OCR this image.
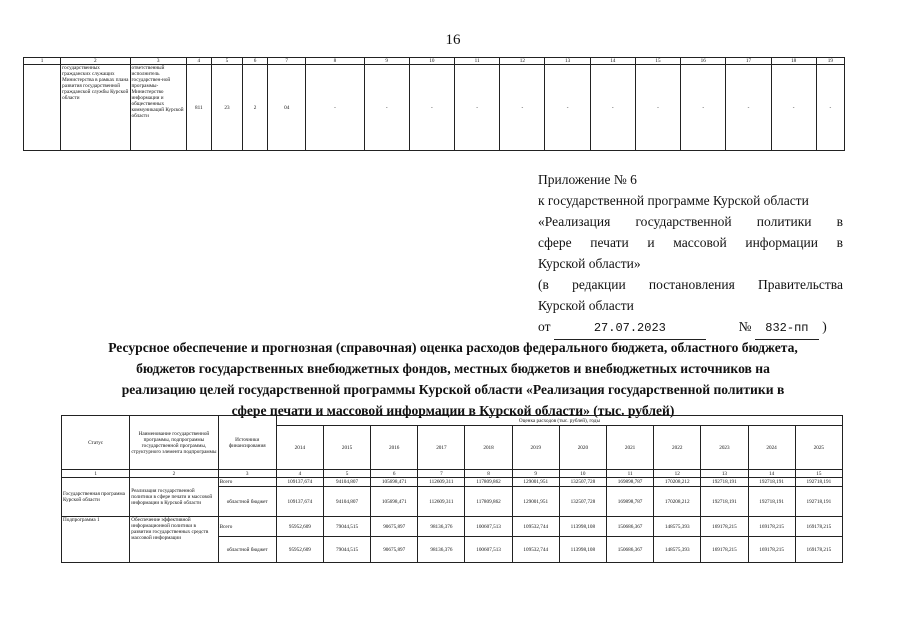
16
1	2	3	4	5	6	7	8	9	10	11	12	13	14	15	16	17	18	19
	государственных гражданских служащих Министерства в рамках плана развития государственной гражданской службы Курской области	ответственный исполнитель государствен-ной программы-Министерство информации и общественных коммуникаций Курской области	811	23	2	04	-	-	-	-	-	-	-	-	-	-	-	-
Приложение № 6
к государственной программе Курской области
«Реализация государственной политики в
сфере печати и массовой информации в
Курской области»
(в редакции постановления Правительства
Курской области
от	27.07.2023	№ 832-пп )
Ресурсное обеспечение и прогнозная (справочная) оценка расходов федерального бюджета, областного бюджета,
бюджетов государственных внебюджетных фондов, местных бюджетов и внебюджетных источников на
реализацию целей государственной программы Курской области «Реализация государственной политики в
сфере печати и массовой информации в Курской области» (тыс. рублей)
Статус	Наименование государственной программы, подпрограммы государственной программы, структурного элемента подпрограммы	Источники финансирования	Оценка расходов (тыс. рублей), годы											
			2014	2015	2016	2017	2018	2019	2020	2021	2022	2023	2024	2025
1	2	3	4	5	6	7	8	9	10	11	12	13	14	15
Государственная программа Курской области	Реализация государственной политики в сфере печати и массовой информации в Курской области	Всего	109137,674	94104,807	105698,471	112609,311	117809,862	129001,951	132507,728	169898,787	170208,212	192718,191	192718,191	192718,191
		областной бюджет	109137,674	94104,807	105698,471	112609,311	117809,862	129001,951	132507,728	169898,787	170208,212	192718,191	192718,191	192718,191
Подпрограмма 1	Обеспечение эффективной информационной политики в развитии государственных средств массовой информации	Всего	95952,609	79044,515	90675,897	98136,376	100607,513	109532,744	113998,108	150686,367	148575,393	169178,215	169178,215	169178,215
		областной бюджет	95952,609	79044,515	90675,897	98136,376	100607,513	109532,744	113998,108	150686,367	148575,393	169178,215	169178,215	169178,215
